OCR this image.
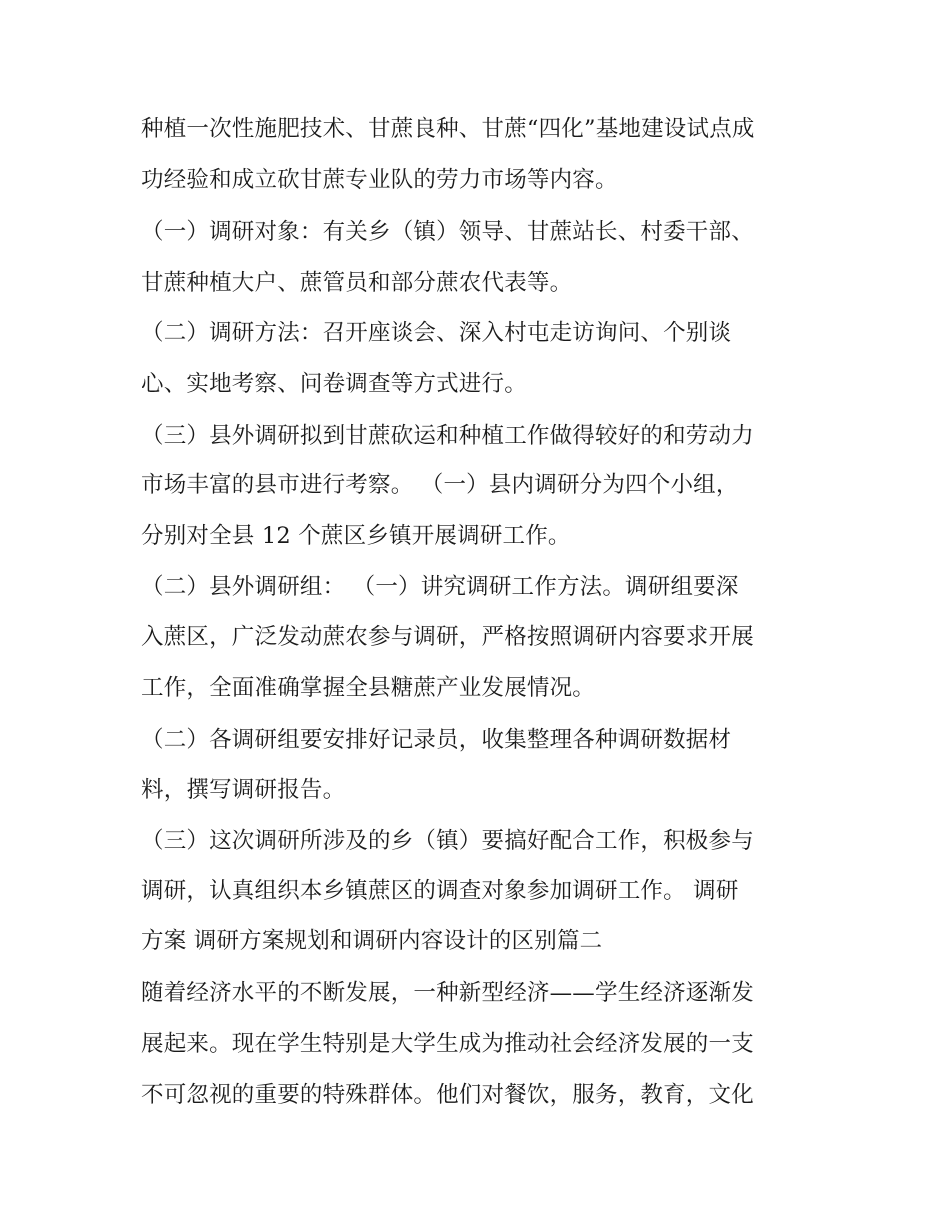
种植一次性施肥技术、甘蔗良种、甘蔗“四化”基地建设试点成
功经验和成立砍甘蔗专业队的劳力市场等内容。
（一）调研对象：有关乡（镇）领导、甘蔗站长、村委干部、
甘蔗种植大户、蔗管员和部分蔗农代表等。
（二）调研方法：召开座谈会、深入村屯走访询问、个别谈
心、实地考察、问卷调查等方式进行。
（三）县外调研拟到甘蔗砍运和种植工作做得较好的和劳动力
市场丰富的县市进行考察。 （一）县内调研分为四个小组，
分别对全县 12 个蔗区乡镇开展调研工作。
（二）县外调研组： （一）讲究调研工作方法。调研组要深
入蔗区，广泛发动蔗农参与调研，严格按照调研内容要求开展
工作，全面准确掌握全县糖蔗产业发展情况。
（二）各调研组要安排好记录员，收集整理各种调研数据材
料，撰写调研报告。
（三）这次调研所涉及的乡（镇）要搞好配合工作，积极参与
调研，认真组织本乡镇蔗区的调查对象参加调研工作。 调研
方案 调研方案规划和调研内容设计的区别篇二
随着经济水平的不断发展，一种新型经济——学生经济逐渐发
展起来。现在学生特别是大学生成为推动社会经济发展的一支
不可忽视的重要的特殊群体。他们对餐饮，服务，教育，文化
